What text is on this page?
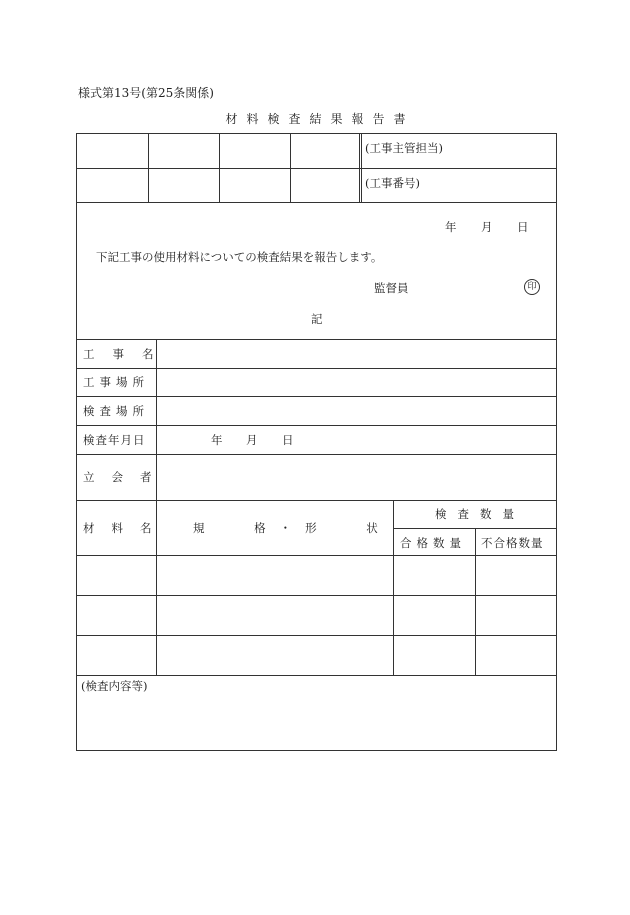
様式第13号(第25条関係)
材料検査結果報告書
(工事主管担当)
(工事番号)
年 月 日
下記工事の使用材料についての検査結果を報告します。
監督員	印
記
工事名
工事場所
検査場所
検査年月日	年 月 日
立会者
材料名 規 格・形 状
検査数量
合格数量 不合格数量
(検査内容等)
